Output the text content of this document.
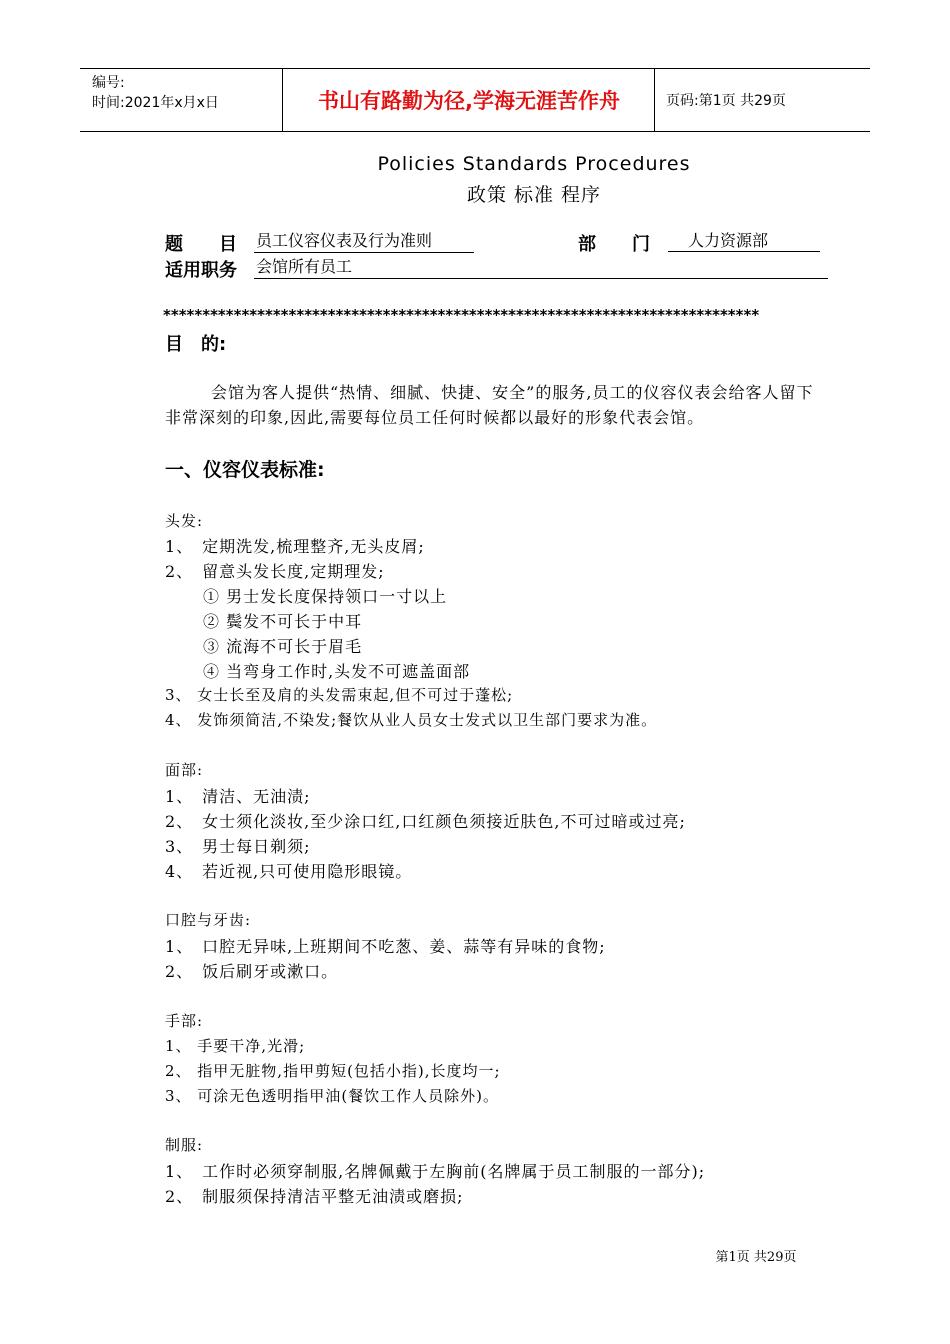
编号:
时间:2021年x月x日	书山有路勤为径,学海无涯苦作舟	页码:第1页 共29页
Policies Standards Procedures
政策 标准 程序
题　　目 员工仪容仪表及行为准则	部　　门	人力资源部
适用职务 会馆所有员工
****************************************************************************
目　的:
会馆为客人提供“热情、细腻、快捷、安全”的服务,员工的仪容仪表会给客人留下
非常深刻的印象,因此,需要每位员工任何时候都以最好的形象代表会馆。
一、仪容仪表标准:
头发:
1、　定期洗发,梳理整齐,无头皮屑;
2、　留意头发长度,定期理发;
① 男士发长度保持领口一寸以上
② 鬓发不可长于中耳
③ 流海不可长于眉毛
④ 当弯身工作时,头发不可遮盖面部
3、 女士长至及肩的头发需束起,但不可过于蓬松;
4、 发饰须简洁,不染发;餐饮从业人员女士发式以卫生部门要求为准。
面部:
1、　清洁、无油渍;
2、　女士须化淡妆,至少涂口红,口红颜色须接近肤色,不可过暗或过亮;
3、　男士每日剃须;
4、　若近视,只可使用隐形眼镜。
口腔与牙齿:
1、　口腔无异味,上班期间不吃葱、姜、蒜等有异味的食物;
2、　饭后刷牙或漱口。
手部:
1、 手要干净,光滑;
2、 指甲无脏物,指甲剪短(包括小指),长度均一;
3、 可涂无色透明指甲油(餐饮工作人员除外)。
制服:
1、　工作时必须穿制服,名牌佩戴于左胸前(名牌属于员工制服的一部分);
2、　制服须保持清洁平整无油渍或磨损;
第1页 共29页
